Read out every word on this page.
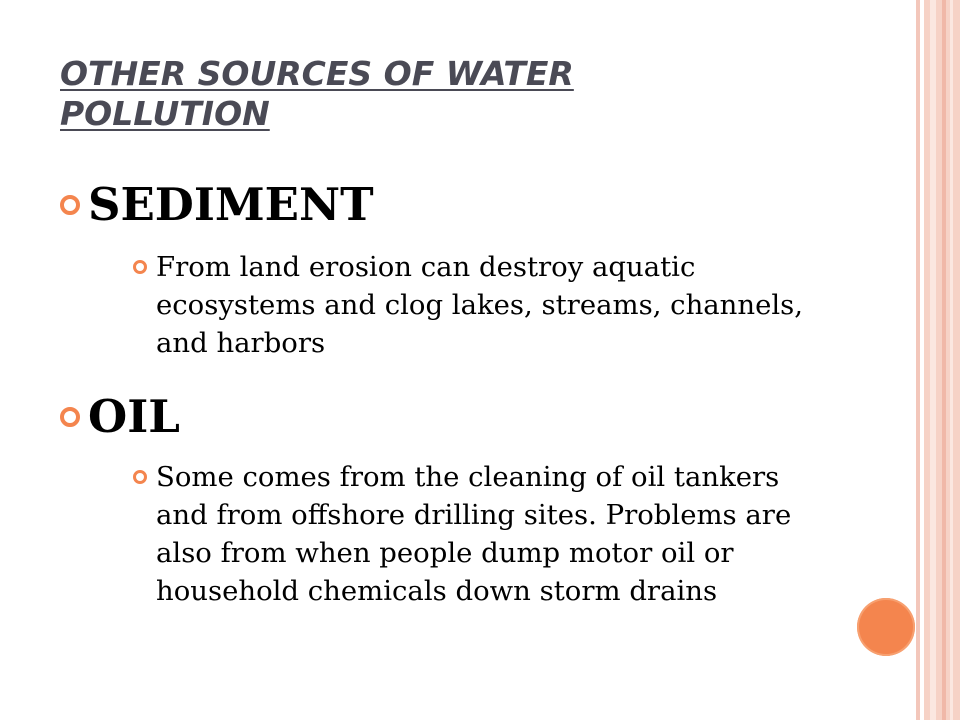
OTHER SOURCES OF WATER POLLUTION
SEDIMENT
From land erosion can destroy aquatic ecosystems and clog lakes, streams, channels, and harbors
OIL
Some comes from the cleaning of oil tankers and from offshore drilling sites. Problems are also from when people dump motor oil or household chemicals down storm drains
